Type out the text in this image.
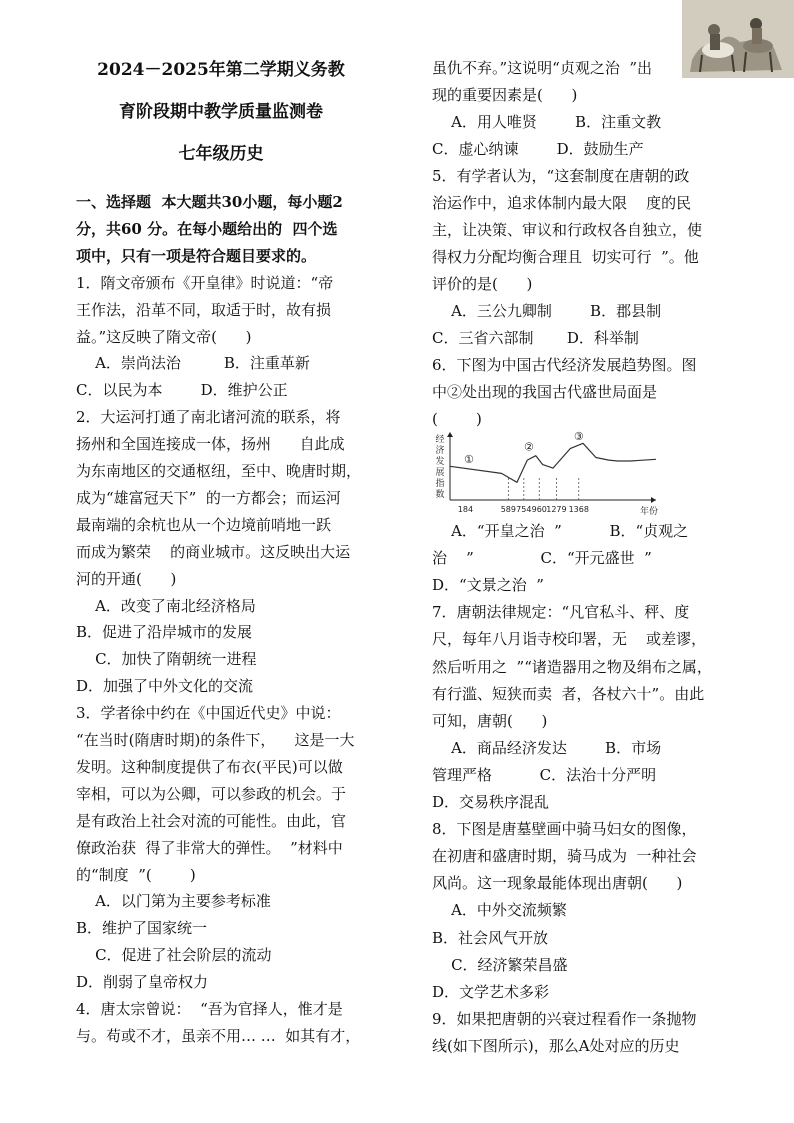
2024－2025年第二学期义务教
育阶段期中教学质量监测卷
七年级历史
一、选择题  本大题共30小题，每小题2
分，共60 分。在每小题给出的  四个选
项中，只有一项是符合题目要求的。
1．隋文帝颁布《开皇律》时说道：“帝
王作法，沿革不同，取适于时，故有损
益。”这反映了隋文帝(      )
A．崇尚法治         B．注重革新
C．以民为本        D．维护公正
2．大运河打通了南北诸河流的联系，将
扬州和全国连接成一体，扬州      自此成
为东南地区的交通枢纽，至中、晚唐时期，
成为“雄富冠天下”  的一方都会；而运河
最南端的余杭也从一个边境前哨地一跃
而成为繁荣    的商业城市。这反映出大运
河的开通(      )
A．改变了南北经济格局
B．促进了沿岸城市的发展
C．加快了隋朝统一进程
D．加强了中外文化的交流
3．学者徐中约在《中国近代史》中说：
“在当时(隋唐时期)的条件下，    这是一大
发明。这种制度提供了布衣(平民)可以做
宰相，可以为公卿，可以参政的机会。于
是有政治上社会对流的可能性。由此，官
僚政治获  得了非常大的弹性。  ”材料中
的“制度  ”(        )
A．以门第为主要参考标准
B．维护了国家统一
C．促进了社会阶层的流动
D．削弱了皇帝权力
4．唐太宗曾说：  “吾为官择人，惟才是
与。苟或不才，虽亲不用… …  如其有才，
虽仇不弃。”这说明“贞观之治  ”出
现的重要因素是(      )
A．用人唯贤        B．注重文教
C．虚心纳谏        D．鼓励生产
5．有学者认为，“这套制度在唐朝的政
治运作中，追求体制内最大限    度的民
主，让决策、审议和行政权各自独立，使
得权力分配均衡合理且  切实可行  ”。他
评价的是(      )
A．三公九卿制        B．郡县制
C．三省六部制       D．科举制
6．下图为中国古代经济发展趋势图。图
中②处出现的我国古代盛世局面是
(        )
A．“开皇之治  ”          B．“贞观之
治    ”              C．“开元盛世  ”
D．“文景之治  ”
7．唐朝法律规定：“凡官私斗、秤、度
尺，每年八月诣寺校印署，无    或差谬，
然后听用之  ”“诸造器用之物及绢布之属，
有行滥、短狭而卖  者，各杖六十”。由此
可知，唐朝(      )
A．商品经济发达        B．市场
管理严格          C．法治十分严明
D．交易秩序混乱
8．下图是唐墓壁画中骑马妇女的图像，
在初唐和盛唐时期，骑马成为  一种社会
风尚。这一现象最能体现出唐朝(      )
A．中外交流频繁
B．社会风气开放
C．经济繁荣昌盛
D．文学艺术多彩
9．如果把唐朝的兴衰过程看作一条抛物
线(如下图所示)，那么A处对应的历史
经
济
发
展
指
数
年份
184	589 754 960 1279 1368
①
②
③
